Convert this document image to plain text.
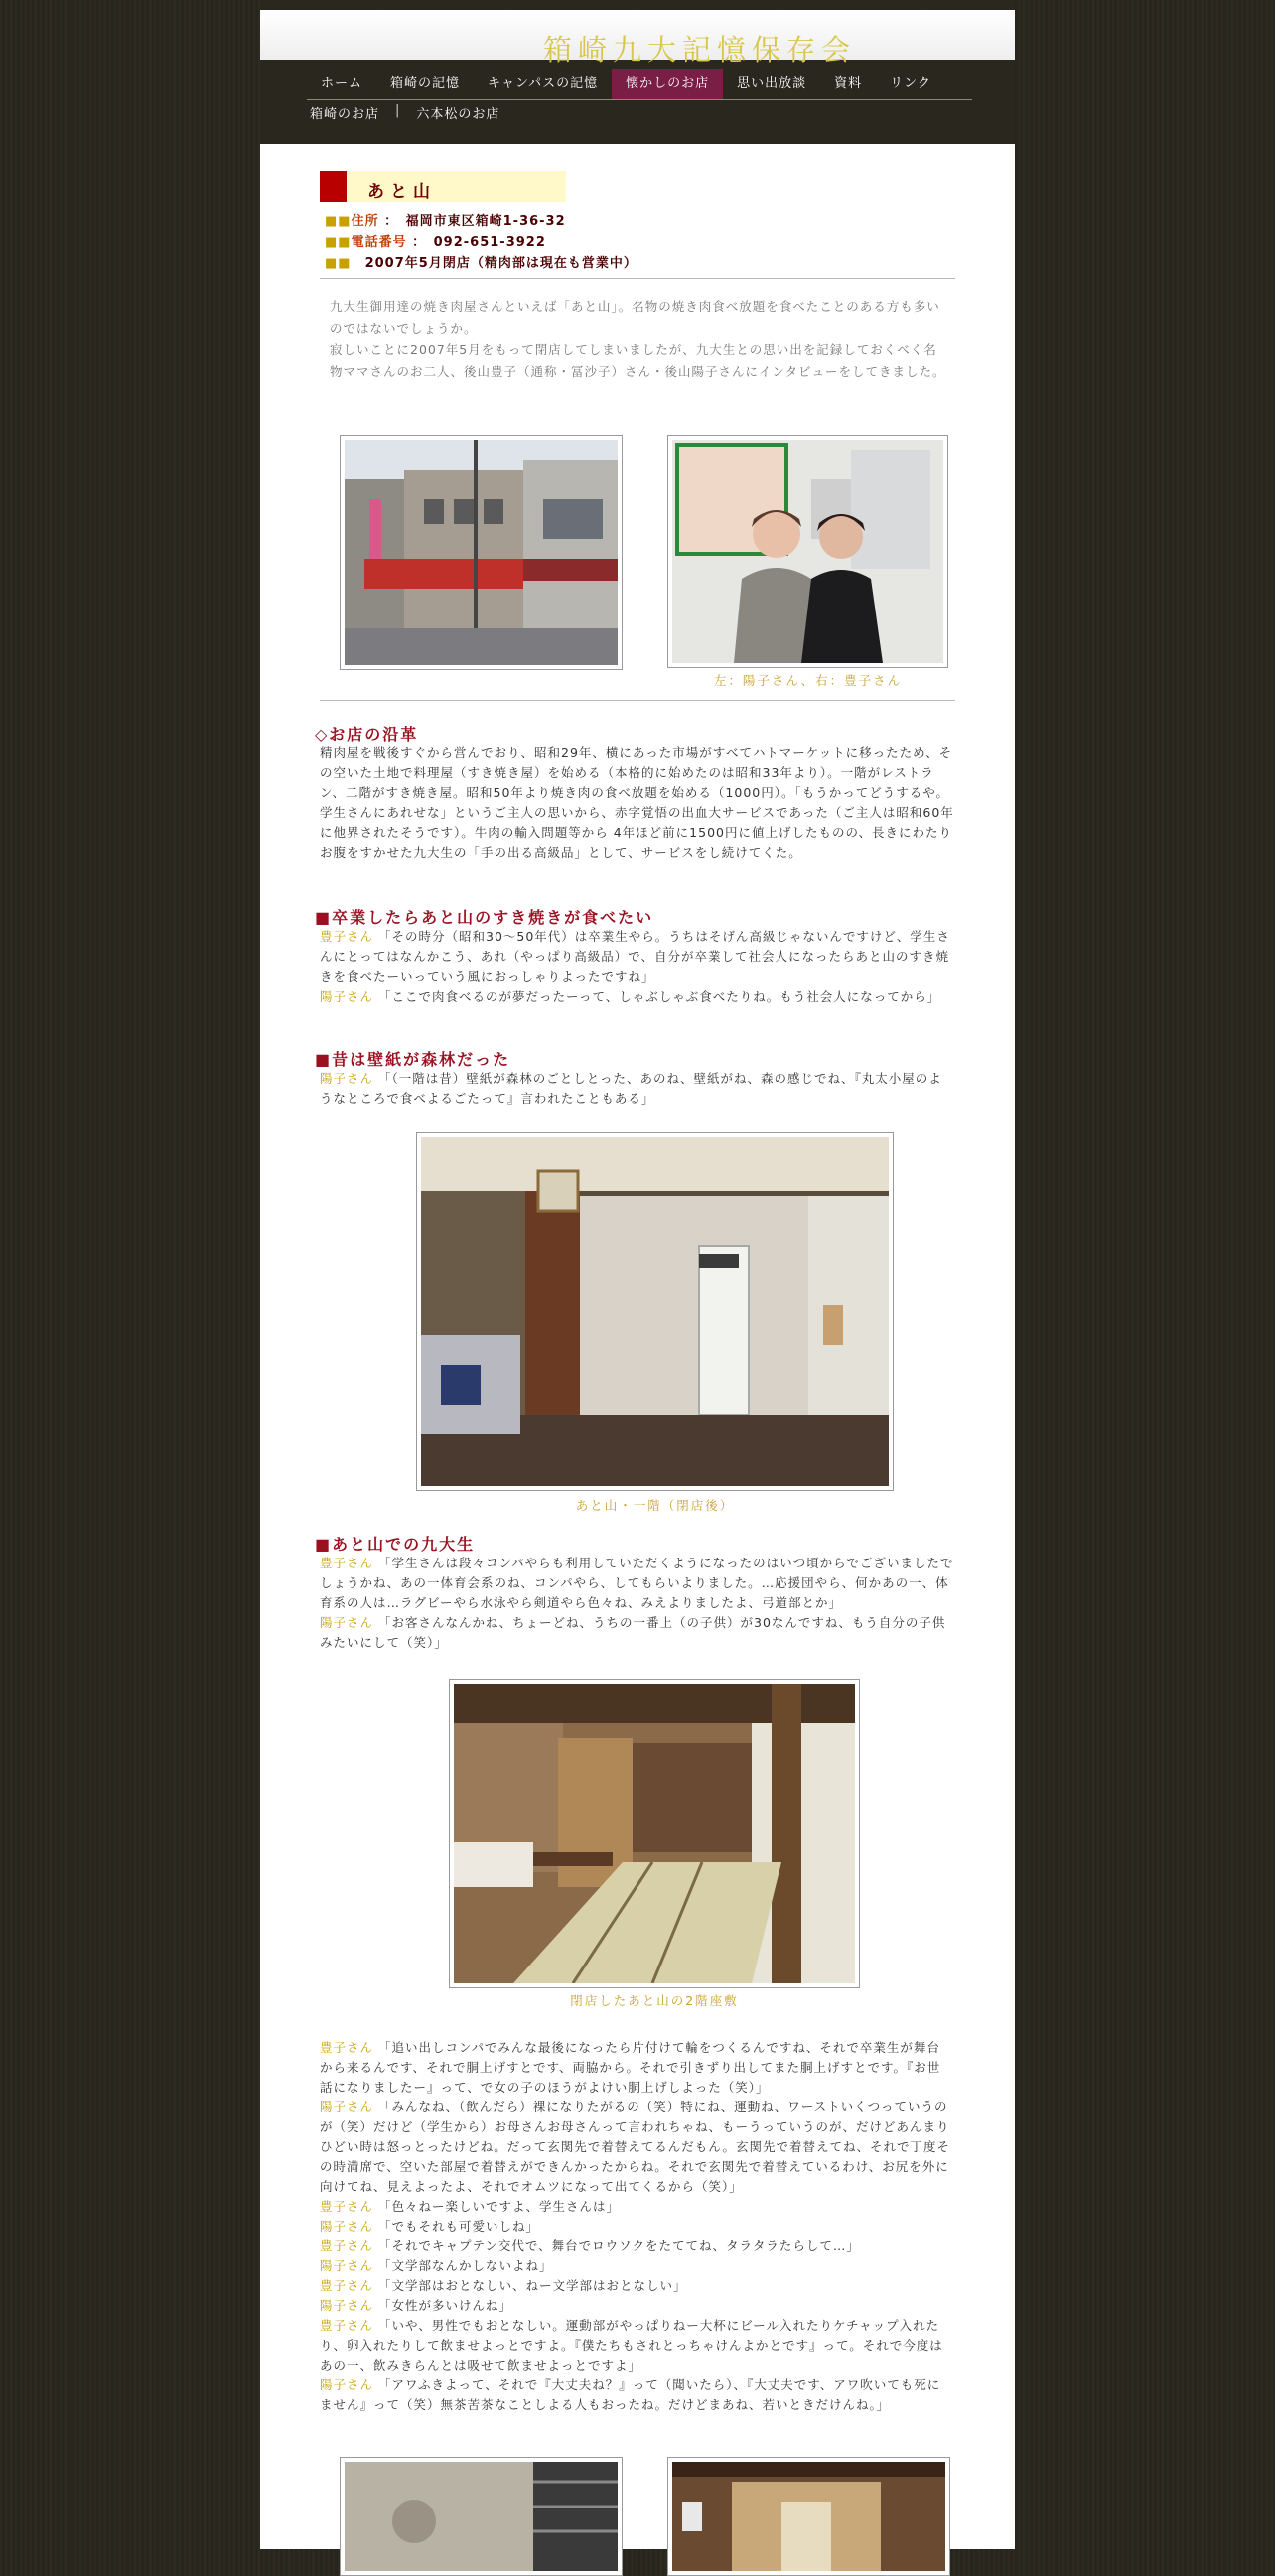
箱崎九大記憶保存会
ホーム	箱崎の記憶	キャンパスの記憶	懐かしのお店	思い出放談	資料	リンク
箱崎のお店 | 六本松のお店
あと山
■■住所 ：　福岡市東区箱崎1-36-32
■■電話番号 ：　092-651-3922
■■　 2007年5月閉店（精肉部は現在も営業中）
九大生御用達の焼き肉屋さんといえば「あと山」。名物の焼き肉食べ放題を食べたことのある方も多いのではないでしょうか。
寂しいことに2007年5月をもって閉店してしまいましたが、九大生との思い出を記録しておくべく名物ママさんのお二人、後山豊子（通称・冨沙子）さん・後山陽子さんにインタビューをしてきました。
左：陽子さん、右：豊子さん
◇お店の沿革
精肉屋を戦後すぐから営んでおり、昭和29年、横にあった市場がすべてハトマーケットに移ったため、その空いた土地で料理屋（すき焼き屋）を始める（本格的に始めたのは昭和33年より）。一階がレストラン、二階がすき焼き屋。昭和50年より焼き肉の食べ放題を始める（1000円）。「もうかってどうするや。学生さんにあれせな」というご主人の思いから、赤字覚悟の出血大サービスであった（ご主人は昭和60年に他界されたそうです）。牛肉の輸入問題等から 4年ほど前に1500円に値上げしたものの、長きにわたりお腹をすかせた九大生の「手の出る高級品」として、サービスをし続けてくた。
■卒業したらあと山のすき焼きが食べたい
豊子さん 「その時分（昭和30～50年代）は卒業生やら。うちはそげん高級じゃないんですけど、学生さんにとってはなんかこう、あれ（やっぱり高級品）で、自分が卒業して社会人になったらあと山のすき焼きを食べたーいっていう風におっしゃりよったですね」
陽子さん 「ここで肉食べるのが夢だったーって、しゃぶしゃぶ食べたりね。もう社会人になってから」
■昔は壁紙が森林だった
陽子さん 「（一階は昔）壁紙が森林のごとしとった、あのね、壁紙がね、森の感じでね、『丸太小屋のようなところで食べよるごたって』言われたこともある」
あと山・一階（閉店後）
■あと山での九大生
豊子さん 「学生さんは段々コンパやらも利用していただくようになったのはいつ頃からでございましたでしょうかね、あの一体育会系のね、コンパやら、してもらいよりました。…応援団やら、何かあの一、体育系の人は…ラグビーやら水泳やら剣道やら色々ね、みえよりましたよ、弓道部とか」
陽子さん 「お客さんなんかね、ちょーどね、うちの一番上（の子供）が30なんですね、もう自分の子供みたいにして（笑）」
閉店したあと山の2階座敷
豊子さん 「追い出しコンパでみんな最後になったら片付けて輪をつくるんですね、それで卒業生が舞台から来るんです、それで胴上げすとです、両脇から。それで引きずり出してまた胴上げすとです。『お世話になりましたー』って、で女の子のほうがよけい胴上げしよった（笑）」
陽子さん 「みんなね、（飲んだら）裸になりたがるの（笑）特にね、運動ね、ワーストいくつっていうのが（笑）だけど（学生から）お母さんお母さんって言われちゃね、もーうっていうのが、だけどあんまりひどい時は怒っとったけどね。だって玄関先で着替えてるんだもん。玄関先で着替えてね、それで丁度その時満席で、空いた部屋で着替えができんかったからね。それで玄関先で着替えているわけ、お尻を外に向けてね、見えよったよ、それでオムツになって出てくるから（笑）」
豊子さん 「色々ねー楽しいですよ、学生さんは」
陽子さん 「でもそれも可愛いしね」
豊子さん 「それでキャプテン交代で、舞台でロウソクをたててね、タラタラたらして…」
陽子さん 「文学部なんかしないよね」
豊子さん 「文学部はおとなしい、ねー文学部はおとなしい」
陽子さん 「女性が多いけんね」
豊子さん 「いや、男性でもおとなしい。運動部がやっぱりねー大杯にビール入れたりケチャップ入れたり、卵入れたりして飲ませよっとですよ。『僕たちもされとっちゃけんよかとです』って。それで今度はあの一、飲みきらんとは吸せて飲ませよっとですよ」
陽子さん 「アワふきよって、それで『大丈夫ね？』って（聞いたら）、『大丈夫です、アワ吹いても死にません』って（笑）無茶苦茶なことしよる人もおったね。だけどまあね、若いときだけんね。」
